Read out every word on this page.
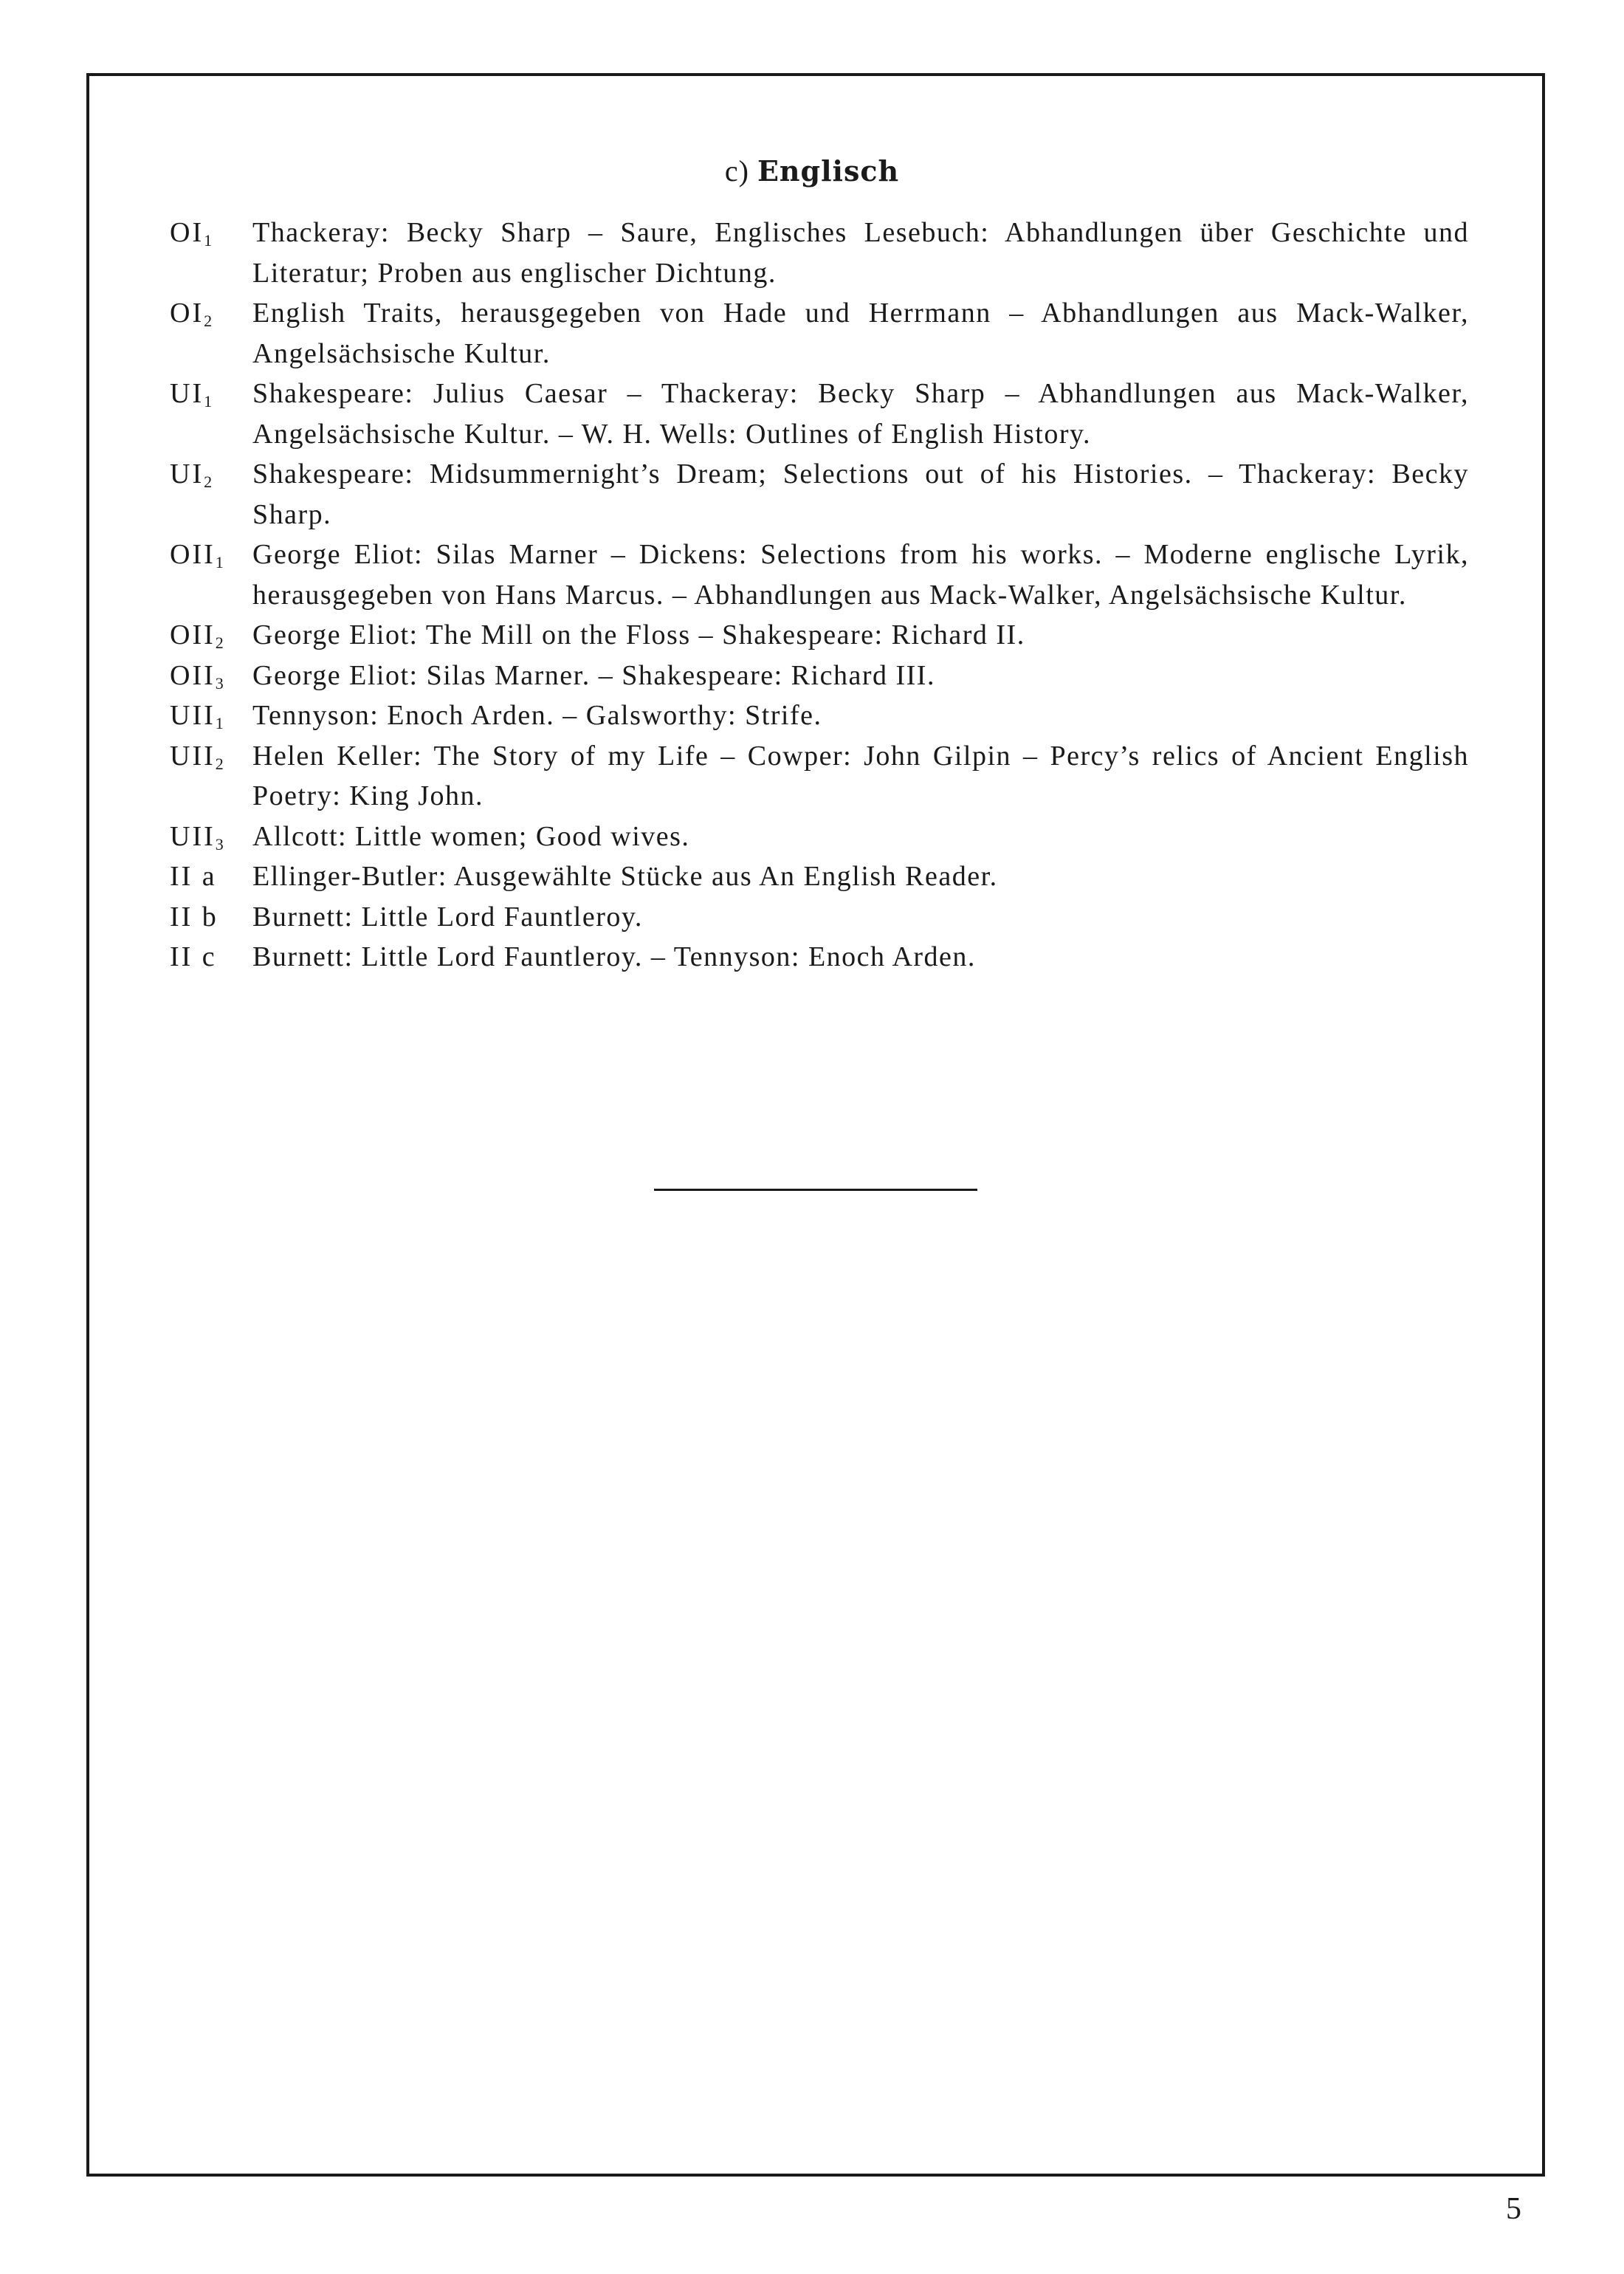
c) Englisch
$OI_1$	Thackeray: Becky Sharp – Saure, Englisches Lesebuch: Abhandlungen über Geschichte und Literatur; Proben aus englischer Dichtung.
$OI_2$	English Traits, herausgegeben von Hade und Herrmann – Abhandlungen aus Mack-Walker, Angelsächsische Kultur.
$UI_1$	Shakespeare: Julius Caesar – Thackeray: Becky Sharp – Abhandlungen aus Mack-Walker, Angelsächsische Kultur. – W. H. Wells: Outlines of English History.
$UI_2$	Shakespeare: Midsummernight’s Dream; Selections out of his Histories. – Thackeray: Becky Sharp.
$OII_1$	George Eliot: Silas Marner – Dickens: Selections from his works. – Moderne englische Lyrik, herausgegeben von Hans Marcus. – Abhandlungen aus Mack-Walker, Angelsächsische Kultur.
$OII_2$	George Eliot: The Mill on the Floss – Shakespeare: Richard II.
$OII_3$	George Eliot: Silas Marner. – Shakespeare: Richard III.
$UII_1$	Tennyson: Enoch Arden. – Galsworthy: Strife.
$UII_2$	Helen Keller: The Story of my Life – Cowper: John Gilpin – Percy’s relics of Ancient English Poetry: King John.
$UII_3$	Allcott: Little women; Good wives.
II a	Ellinger-Butler: Ausgewählte Stücke aus An English Reader.
II b	Burnett: Little Lord Fauntleroy.
II c	Burnett: Little Lord Fauntleroy. – Tennyson: Enoch Arden.
5
